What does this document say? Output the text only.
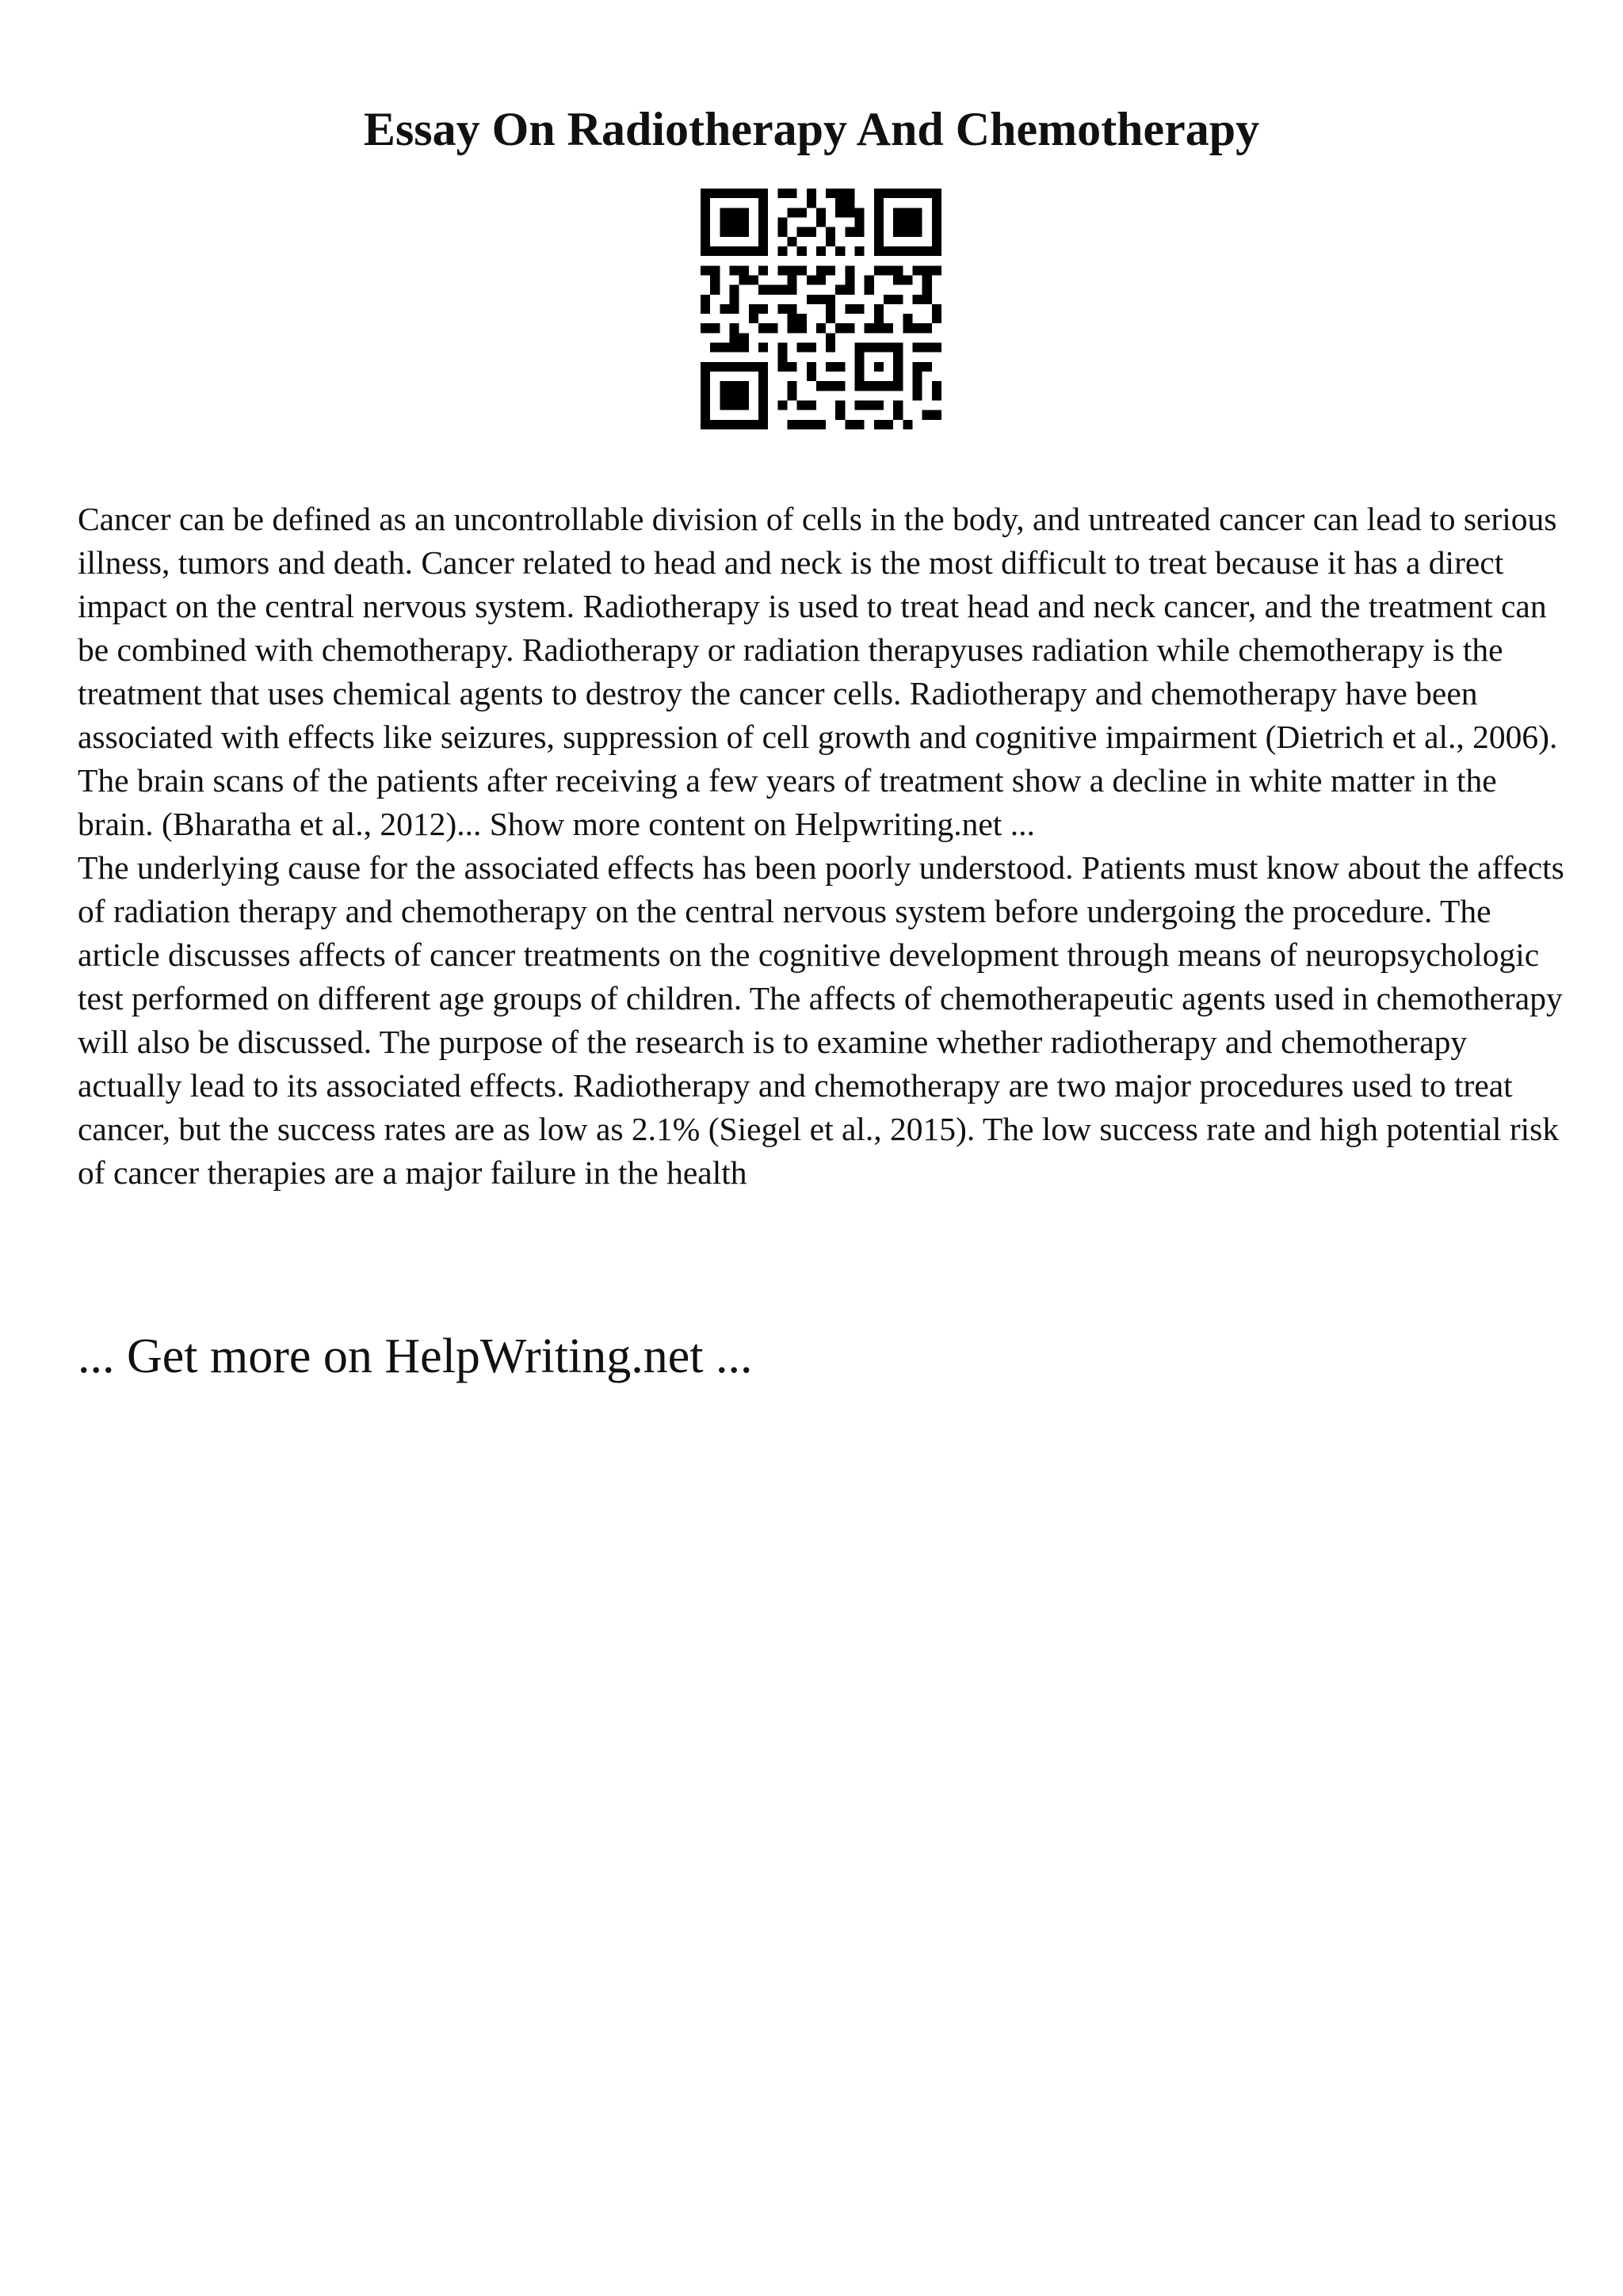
Essay On Radiotherapy And Chemotherapy

Cancer can be defined as an uncontrollable division of cells in the body, and untreated cancer can lead to serious illness, tumors and death. Cancer related to head and neck is the most difficult to treat because it has a direct impact on the central nervous system. Radiotherapy is used to treat head and neck cancer, and the treatment can be combined with chemotherapy. Radiotherapy or radiation therapyuses radiation while chemotherapy is the treatment that uses chemical agents to destroy the cancer cells. Radiotherapy and chemotherapy have been associated with effects like seizures, suppression of cell growth and cognitive impairment (Dietrich et al., 2006). The brain scans of the patients after receiving a few years of treatment show a decline in white matter in the brain. (Bharatha et al., 2012)... Show more content on Helpwriting.net ...

The underlying cause for the associated effects has been poorly understood. Patients must know about the affects of radiation therapy and chemotherapy on the central nervous system before undergoing the procedure. The article discusses affects of cancer treatments on the cognitive development through means of neuropsychologic test performed on different age groups of children. The affects of chemotherapeutic agents used in chemotherapy will also be discussed. The purpose of the research is to examine whether radiotherapy and chemotherapy actually lead to its associated effects. Radiotherapy and chemotherapy are two major procedures used to treat cancer, but the success rates are as low as 2.1% (Siegel et al., 2015). The low success rate and high potential risk of cancer therapies are a major failure in the health

... Get more on HelpWriting.net ...
